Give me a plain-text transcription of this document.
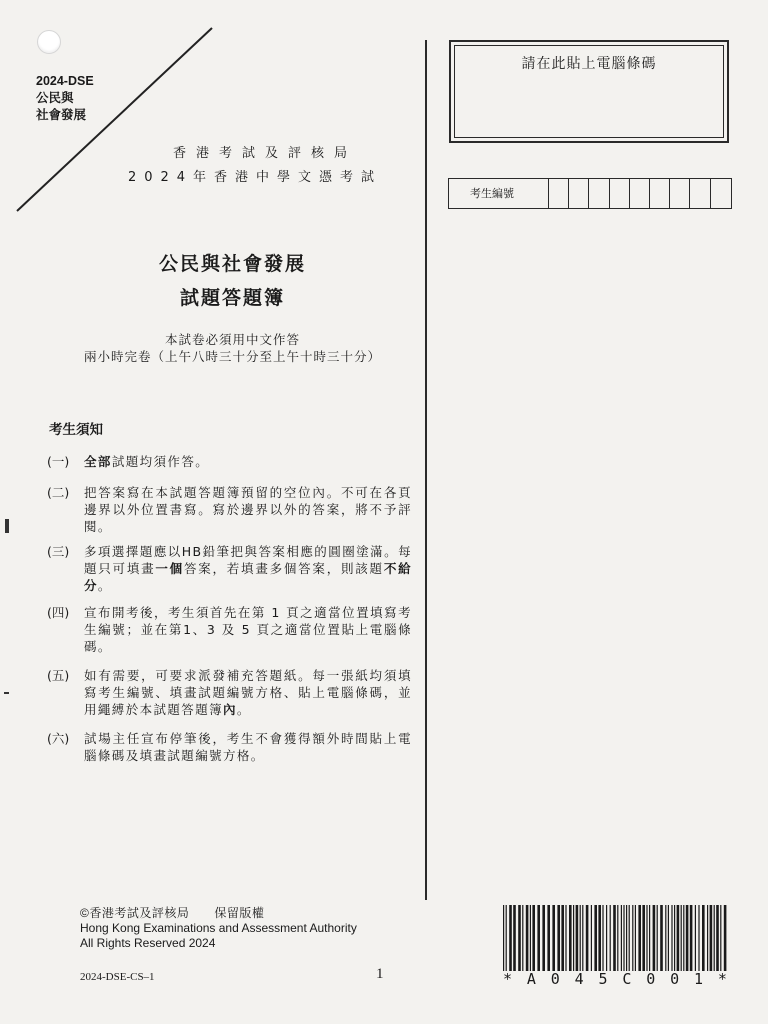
2024-DSE
公民與
社會發展
香港考試及評核局
2024年香港中學文憑考試
公民與社會發展
試題答題簿
本試卷必須用中文作答
兩小時完卷（上午八時三十分至上午十時三十分）
考生須知
(一)	全部試題均須作答。
(二)	把答案寫在本試題答題簿預留的空位內。不可在各頁邊界以外位置書寫。寫於邊界以外的答案，將不予評閱。
(三)	多項選擇題應以HB鉛筆把與答案相應的圓圈塗滿。每題只可填畫一個答案，若填畫多個答案，則該題不給分。
(四)	宣布開考後，考生須首先在第 1 頁之適當位置填寫考生編號；並在第1、3 及 5 頁之適當位置貼上電腦條碼。
(五)	如有需要，可要求派發補充答題紙。每一張紙均須填寫考生編號、填畫試題編號方格、貼上電腦條碼，並用繩縛於本試題答題簿內。
(六)	試場主任宣布停筆後，考生不會獲得額外時間貼上電腦條碼及填畫試題編號方格。
請在此貼上電腦條碼
考生編號
©香港考試及評核局　　保留版權
Hong Kong Examinations and Assessment Authority
All Rights Reserved 2024
2024-DSE-CS–1	1	* A 0 4 5 C 0 0 1 *
